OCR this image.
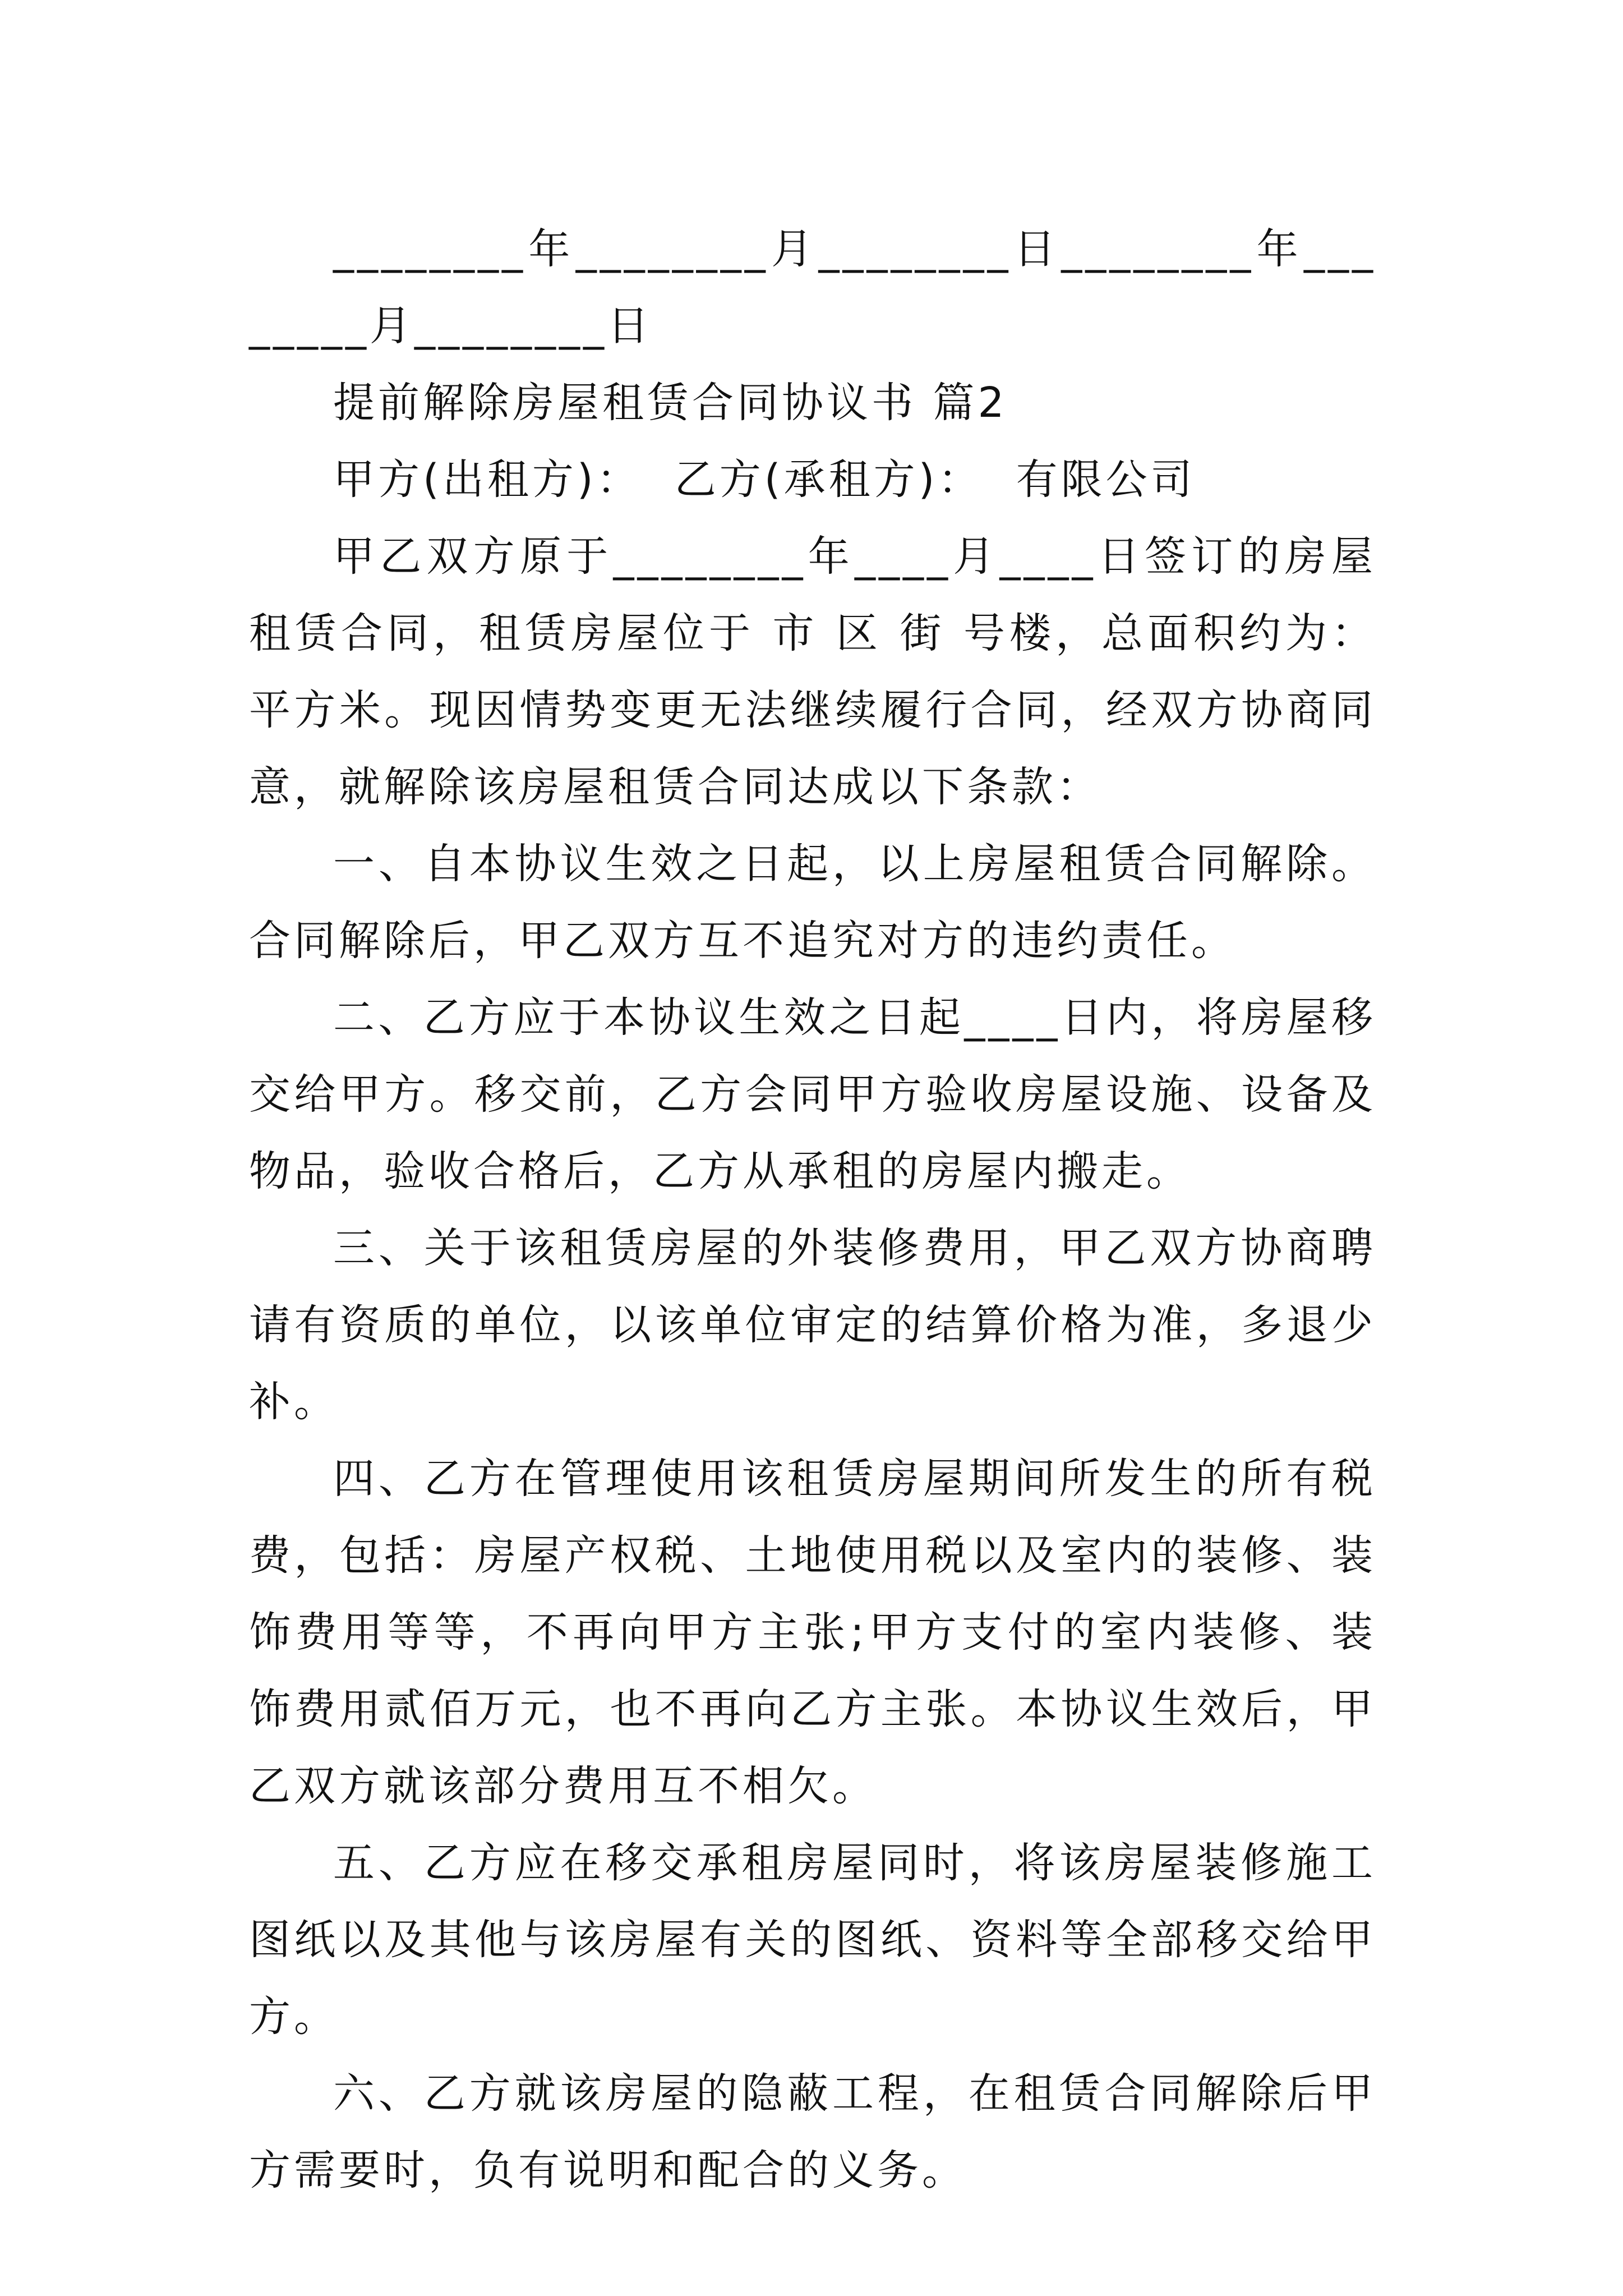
________年________月________日________年________月________日

提前解除房屋租赁合同协议书 篇2

甲方(出租方)：  乙方(承租方)：  有限公司

甲乙双方原于________年____月____日签订的房屋租赁合同，租赁房屋位于 市 区 街 号楼，总面积约为： 平方米。现因情势变更无法继续履行合同，经双方协商同意，就解除该房屋租赁合同达成以下条款：

一、自本协议生效之日起，以上房屋租赁合同解除。合同解除后，甲乙双方互不追究对方的违约责任。

二、乙方应于本协议生效之日起____日内，将房屋移交给甲方。移交前，乙方会同甲方验收房屋设施、设备及物品，验收合格后，乙方从承租的房屋内搬走。

三、关于该租赁房屋的外装修费用，甲乙双方协商聘请有资质的单位，以该单位审定的结算价格为准，多退少补。

四、乙方在管理使用该租赁房屋期间所发生的所有税费，包括：房屋产权税、土地使用税以及室内的装修、装饰费用等等，不再向甲方主张;甲方支付的室内装修、装饰费用贰佰万元，也不再向乙方主张。本协议生效后，甲乙双方就该部分费用互不相欠。

五、乙方应在移交承租房屋同时，将该房屋装修施工图纸以及其他与该房屋有关的图纸、资料等全部移交给甲方。

六、乙方就该房屋的隐蔽工程，在租赁合同解除后甲方需要时，负有说明和配合的义务。
